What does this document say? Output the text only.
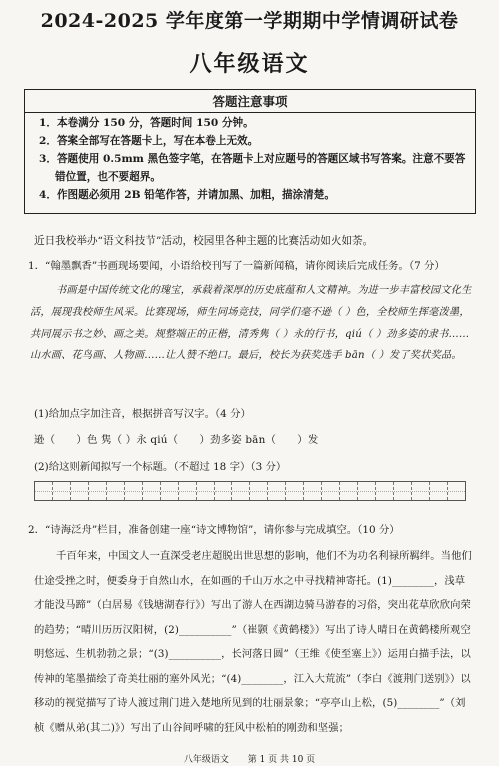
2024-2025 学年度第一学期期中学情调研试卷
八年级语文
答题注意事项
1．本卷满分 150 分，答题时间 150 分钟。
2．答案全部写在答题卡上，写在本卷上无效。
3．答题使用 0.5mm 黑色签字笔，在答题卡上对应题号的答题区域书写答案。注意不要答错位置，也不要超界。
4．作图题必须用 2B 铅笔作答，并请加黑、加粗，描涂清楚。
近日我校举办“语文科技节”活动，校园里各种主题的比赛活动如火如荼。
1．“翰墨飘香”书画现场要闻，小语给校刊写了一篇新闻稿，请你阅读后完成任务。（7 分）
书画是中国传统文化的瑰宝，承载着深厚的历史底蕴和人文精神。为进一步丰富校园文化生活，展现我校师生风采。比赛现场，师生同场竞技，同学们毫不逊（ ）色，全校师生挥毫泼墨，共同展示书之妙、画之美。规整端正的正楷，清秀隽（ ）永的行书，qiú（ ）劲多姿的隶书……山水画、花鸟画、人物画……让人赞不绝口。最后，校长为获奖选手 bān（ ）发了奖状奖品。
(1)给加点字加注音，根据拼音写汉字。（4 分）
逊（　　）色 隽（ ）永 qiú（　　）劲多姿 bān（　　）发
(2)给这则新闻拟写一个标题。（不超过 18 字）（3 分）
2．“诗海泛舟”栏目，准备创建一座“诗文博物馆”，请你参与完成填空。（10 分）
千百年来，中国文人一直深受老庄超脱出世思想的影响，他们不为功名利禄所羁绊。当他们仕途受挫之时，便委身于自然山水，在如画的千山万水之中寻找精神寄托。(1)________，浅草才能没马蹄”（白居易《钱塘湖春行》）写出了游人在西湖边骑马游春的习俗，突出花草欣欣向荣的趋势；“晴川历历汉阳树，(2)__________”（崔颢《黄鹤楼》）写出了诗人晴日在黄鹤楼所观空明悠远、生机勃勃之景；“(3)__________，长河落日圆”（王维《使至塞上》）运用白描手法，以传神的笔墨描绘了奇美壮丽的塞外风光；“(4)________，江入大荒流”（李白《渡荆门送别》）以移动的视觉描写了诗人渡过荆门进入楚地所见到的壮丽景象；“亭亭山上松，(5)________”（刘桢《赠从弟(其二)》）写出了山谷间呼啸的狂风中松柏的刚劲和坚强；
八年级语文 第 1 页 共 10 页
